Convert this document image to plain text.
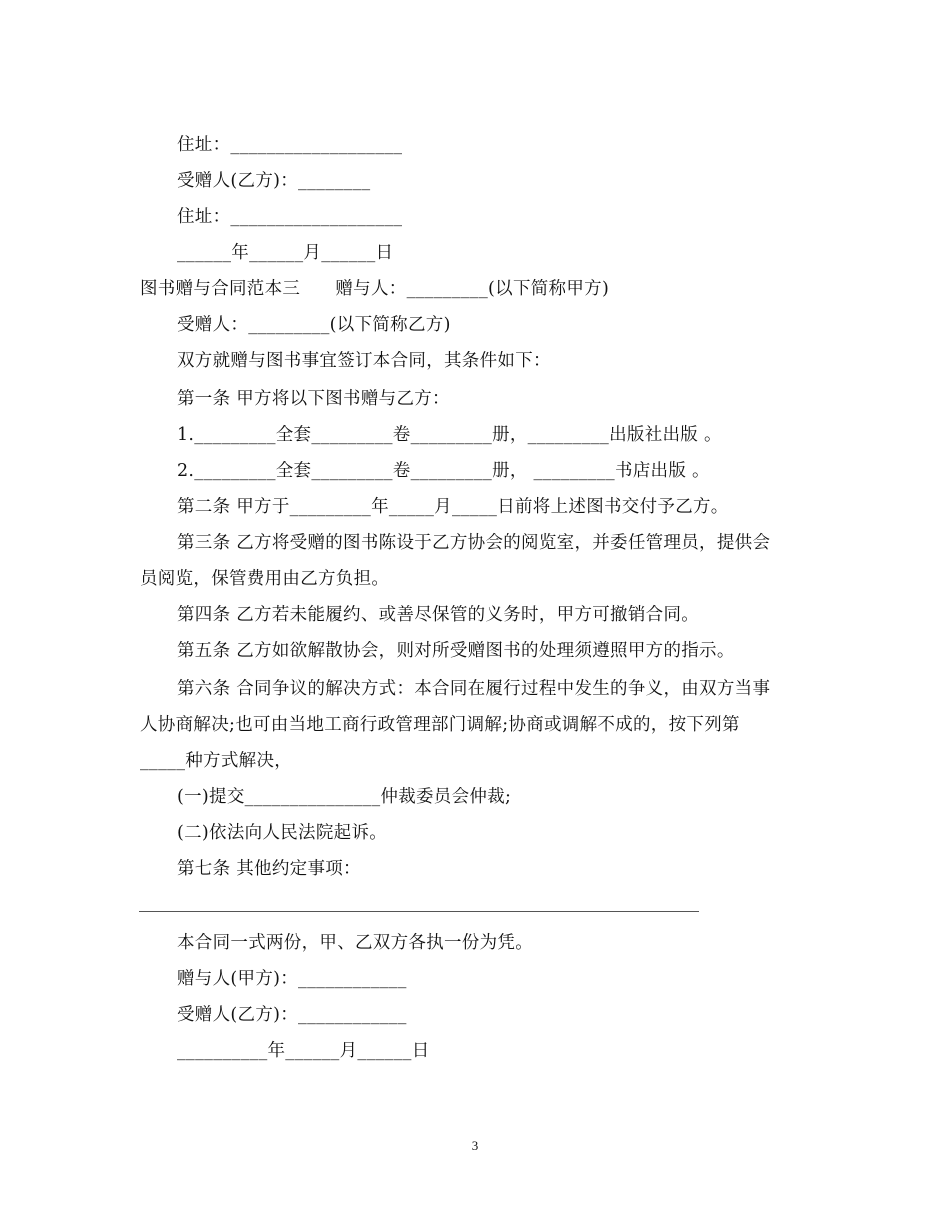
住址：___________________
受赠人(乙方)：________
住址：___________________
______年______月______日
图书赠与合同范本三      赠与人：_________(以下简称甲方)
受赠人：_________(以下简称乙方)
双方就赠与图书事宜签订本合同，其条件如下：
第一条 甲方将以下图书赠与乙方：
1._________全套_________卷_________册，_________出版社出版 。
2._________全套_________卷_________册， _________书店出版 。
第二条 甲方于_________年_____月_____日前将上述图书交付予乙方。
第三条 乙方将受赠的图书陈设于乙方协会的阅览室，并委任管理员，提供会
员阅览，保管费用由乙方负担。
第四条 乙方若未能履约、或善尽保管的义务时，甲方可撤销合同。
第五条 乙方如欲解散协会，则对所受赠图书的处理须遵照甲方的指示。
第六条 合同争议的解决方式：本合同在履行过程中发生的争义，由双方当事
人协商解决;也可由当地工商行政管理部门调解;协商或调解不成的，按下列第
_____种方式解决，
(一)提交_______________仲裁委员会仲裁;
(二)依法向人民法院起诉。
第七条 其他约定事项：
本合同一式两份，甲、乙双方各执一份为凭。
赠与人(甲方)：____________
受赠人(乙方)：____________
__________年______月______日
3
